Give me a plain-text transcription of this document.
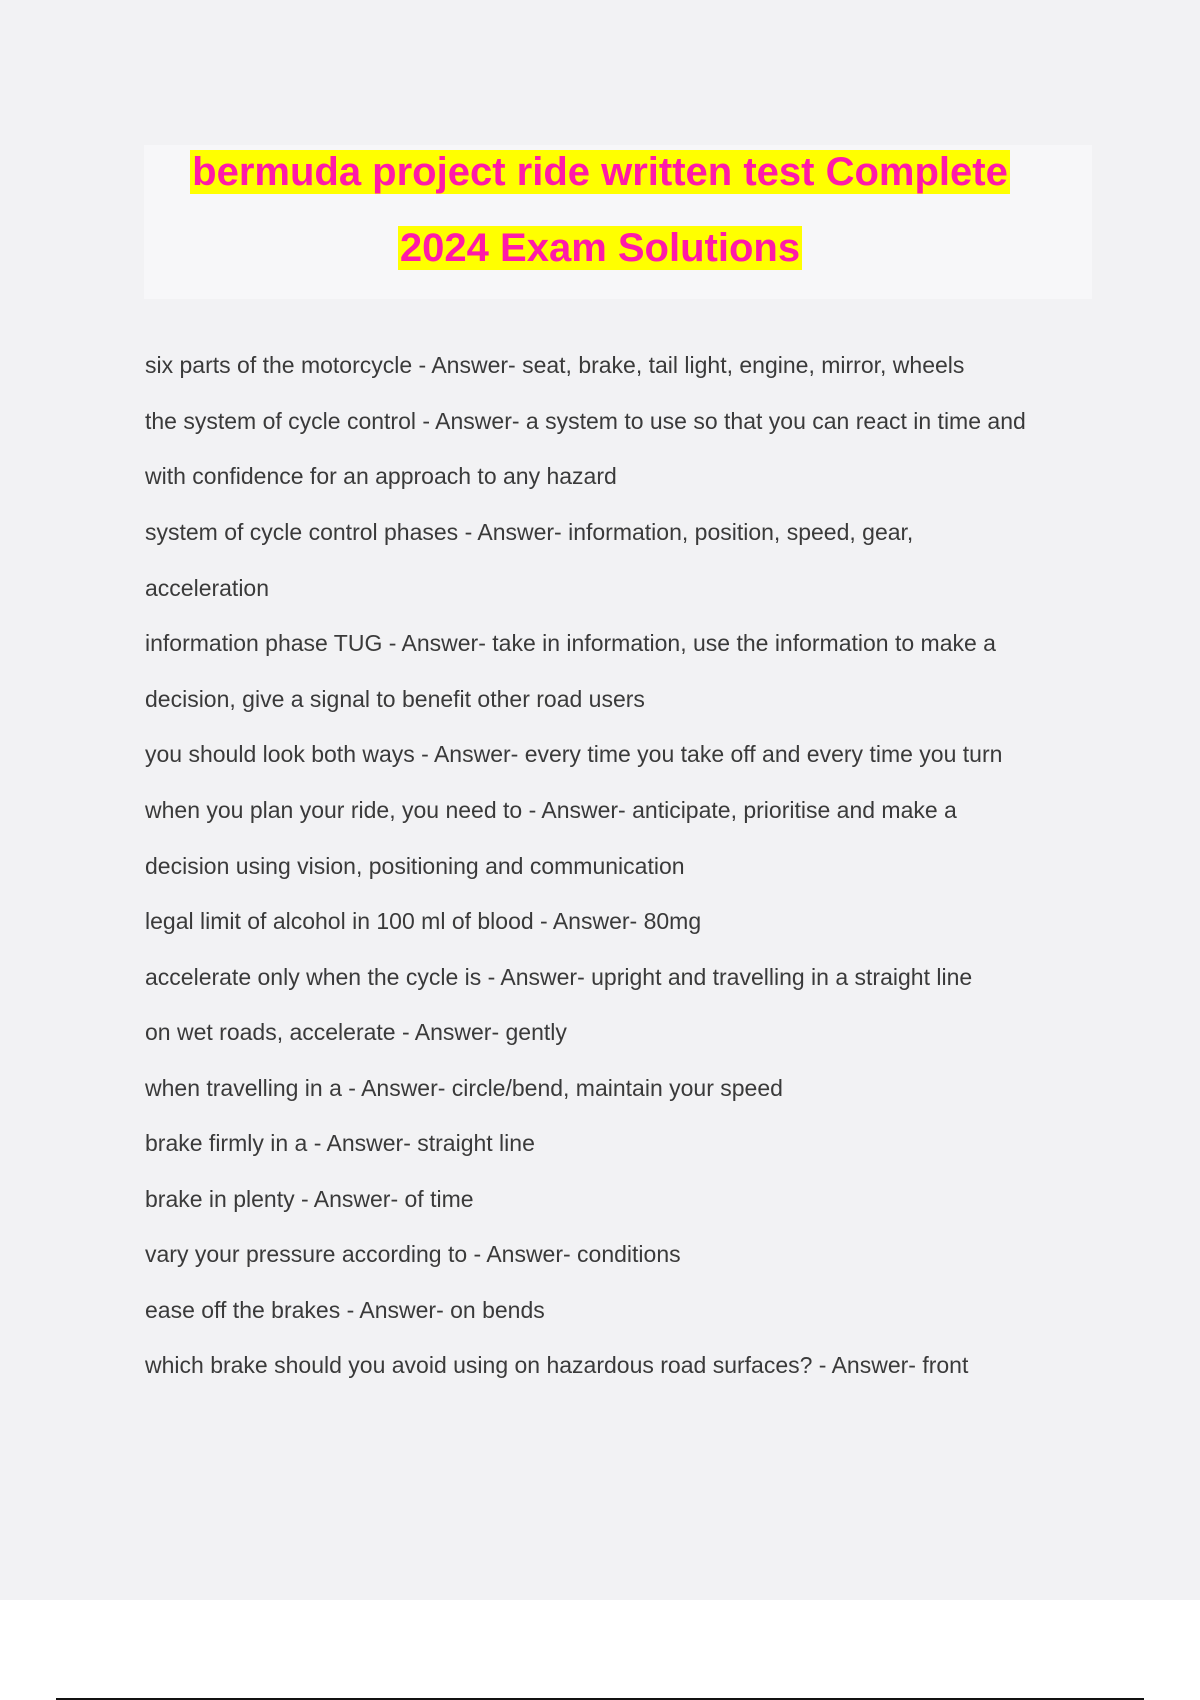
bermuda project ride written test Complete
2024 Exam Solutions
six parts of the motorcycle - Answer- seat, brake, tail light, engine, mirror, wheels
the system of cycle control - Answer- a system to use so that you can react in time and
with confidence for an approach to any hazard
system of cycle control phases - Answer- information, position, speed, gear,
acceleration
information phase TUG - Answer- take in information, use the information to make a
decision, give a signal to benefit other road users
you should look both ways - Answer- every time you take off and every time you turn
when you plan your ride, you need to - Answer- anticipate, prioritise and make a
decision using vision, positioning and communication
legal limit of alcohol in 100 ml of blood - Answer- 80mg
accelerate only when the cycle is - Answer- upright and travelling in a straight line
on wet roads, accelerate - Answer- gently
when travelling in a - Answer- circle/bend, maintain your speed
brake firmly in a - Answer- straight line
brake in plenty - Answer- of time
vary your pressure according to - Answer- conditions
ease off the brakes - Answer- on bends
which brake should you avoid using on hazardous road surfaces? - Answer- front
